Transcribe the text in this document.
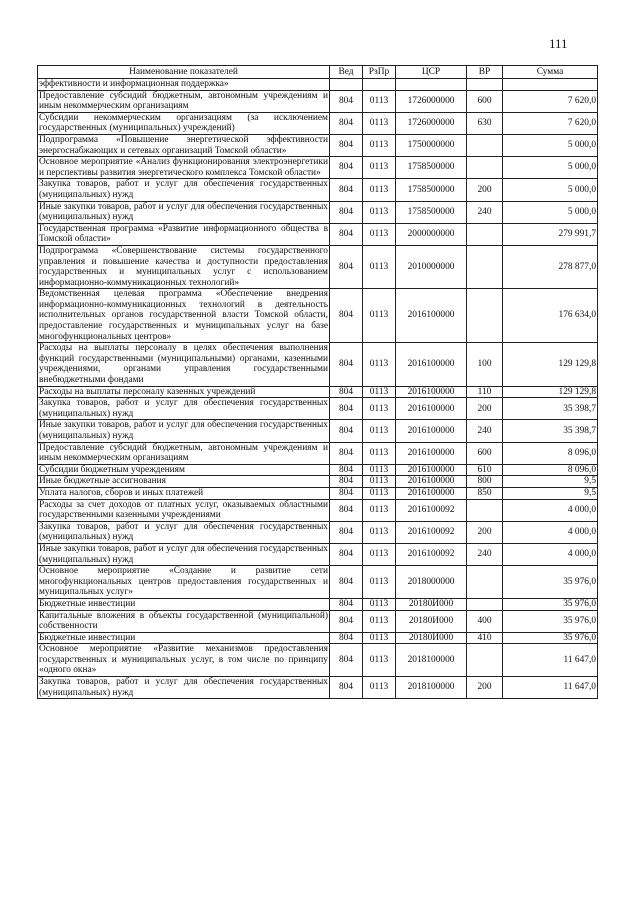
111
Наименование показателей	Вед	РзПр	ЦСР	ВР	Сумма
эффективности и информационная поддержка»					
Предоставление субсидий бюджетным, автономным учреждениям и иным некоммерческим организациям	804	0113	1726000000	600	7 620,0
Субсидии некоммерческим организациям (за исключением государственных (муниципальных) учреждений)	804	0113	1726000000	630	7 620,0
Подпрограмма «Повышение энергетической эффективности энергоснабжающих и сетевых организаций Томской области»	804	0113	1750000000		5 000,0
Основное мероприятие «Анализ функционирования электроэнергетики и перспективы развития энергетического комплекса Томской области»	804	0113	1758500000		5 000,0
Закупка товаров, работ и услуг для обеспечения государственных (муниципальных) нужд	804	0113	1758500000	200	5 000,0
Иные закупки товаров, работ и услуг для обеспечения государственных (муниципальных) нужд	804	0113	1758500000	240	5 000,0
Государственная программа «Развитие информационного общества в Томской области»	804	0113	2000000000		279 991,7
Подпрограмма «Совершенствование системы государственного управления и повышение качества и доступности предоставления государственных и муниципальных услуг с использованием информационно-коммуникационных технологий»	804	0113	2010000000		278 877,0
Ведомственная целевая программа «Обеспечение внедрения информационно-коммуникационных технологий в деятельность исполнительных органов государственной власти Томской области, предоставление государственных и муниципальных услуг на базе многофункциональных центров»	804	0113	2016100000		176 634,0
Расходы на выплаты персоналу в целях обеспечения выполнения функций государственными (муниципальными) органами, казенными учреждениями, органами управления государственными внебюджетными фондами	804	0113	2016100000	100	129 129,8
Расходы на выплаты персоналу казенных учреждений	804	0113	2016100000	110	129 129,8
Закупка товаров, работ и услуг для обеспечения государственных (муниципальных) нужд	804	0113	2016100000	200	35 398,7
Иные закупки товаров, работ и услуг для обеспечения государственных (муниципальных) нужд	804	0113	2016100000	240	35 398,7
Предоставление субсидий бюджетным, автономным учреждениям и иным некоммерческим организациям	804	0113	2016100000	600	8 096,0
Субсидии бюджетным учреждениям	804	0113	2016100000	610	8 096,0
Иные бюджетные ассигнования	804	0113	2016100000	800	9,5
Уплата налогов, сборов и иных платежей	804	0113	2016100000	850	9,5
Расходы за счет доходов от платных услуг, оказываемых областными государственными казенными учреждениями	804	0113	2016100092		4 000,0
Закупка товаров, работ и услуг для обеспечения государственных (муниципальных) нужд	804	0113	2016100092	200	4 000,0
Иные закупки товаров, работ и услуг для обеспечения государственных (муниципальных) нужд	804	0113	2016100092	240	4 000,0
Основное мероприятие «Создание и развитие сети многофункциональных центров предоставления государственных и муниципальных услуг»	804	0113	2018000000		35 976,0
Бюджетные инвестиции	804	0113	20180И000		35 976,0
Капитальные вложения в объекты государственной (муниципальной) собственности	804	0113	20180И000	400	35 976,0
Бюджетные инвестиции	804	0113	20180И000	410	35 976,0
Основное мероприятие «Развитие механизмов предоставления государственных и муниципальных услуг, в том числе по принципу «одного окна»	804	0113	2018100000		11 647,0
Закупка товаров, работ и услуг для обеспечения государственных (муниципальных) нужд	804	0113	2018100000	200	11 647,0
